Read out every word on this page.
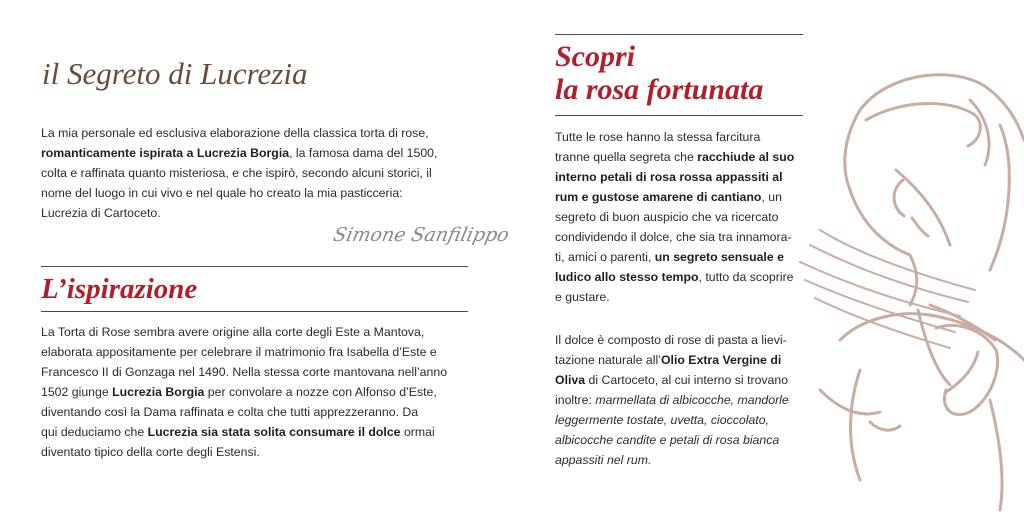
il Segreto di Lucrezia
La mia personale ed esclusiva elaborazione della classica torta di rose,
romanticamente ispirata a Lucrezia Borgia, la famosa dama del 1500,
colta e raffinata quanto misteriosa, e che ispirò, secondo alcuni storici, il
nome del luogo in cui vivo e nel quale ho creato la mia pasticceria:
Lucrezia di Cartoceto.
Simone Sanfilippo
L’ispirazione
La Torta di Rose sembra avere origine alla corte degli Este a Mantova,
elaborata appositamente per celebrare il matrimonio fra Isabella d’Este e
Francesco II di Gonzaga nel 1490. Nella stessa corte mantovana nell’anno
1502 giunge Lucrezia Borgia per convolare a nozze con Alfonso d’Este,
diventando così la Dama raffinata e colta che tutti apprezzeranno. Da
qui deduciamo che Lucrezia sia stata solita consumare il dolce ormai
diventato tipico della corte degli Estensi.
Scopri
la rosa fortunata
Tutte le rose hanno la stessa farcitura
tranne quella segreta che racchiude al suo
interno petali di rosa rossa appassiti al
rum e gustose amarene di cantiano, un
segreto di buon auspicio che va ricercato
condividendo il dolce, che sia tra innamora-
ti, amici o parenti, un segreto sensuale e
ludico allo stesso tempo, tutto da scoprire
e gustare.
Il dolce è composto di rose di pasta a lievi-
tazione naturale all’Olio Extra Vergine di
Oliva di Cartoceto, al cui interno si trovano
inoltre: marmellata di albicocche, mandorle
leggermente tostate, uvetta, cioccolato,
albicocche candite e petali di rosa bianca
appassiti nel rum.
